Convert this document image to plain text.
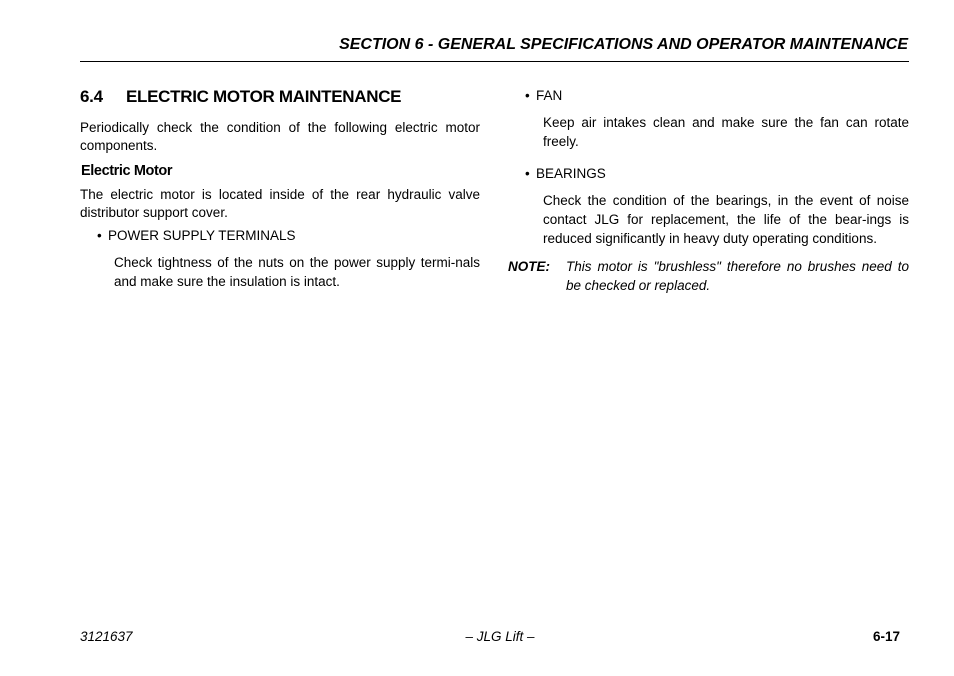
SECTION 6 - GENERAL SPECIFICATIONS AND OPERATOR MAINTENANCE
6.4	ELECTRIC MOTOR MAINTENANCE

Periodically check the condition of the following electric motor components.

Electric Motor

The electric motor is located inside of the rear hydraulic valve distributor support cover.

• POWER SUPPLY TERMINALS
Check tightness of the nuts on the power supply termi-nals and make sure the insulation is intact.
• FAN
Keep air intakes clean and make sure the fan can rotate freely.
• BEARINGS
Check the condition of the bearings, in the event of noise contact JLG for replacement, the life of the bear-ings is reduced significantly in heavy duty operating conditions.
NOTE:	This motor is "brushless" therefore no brushes need to be checked or replaced.
3121637	– JLG Lift –	6-17
